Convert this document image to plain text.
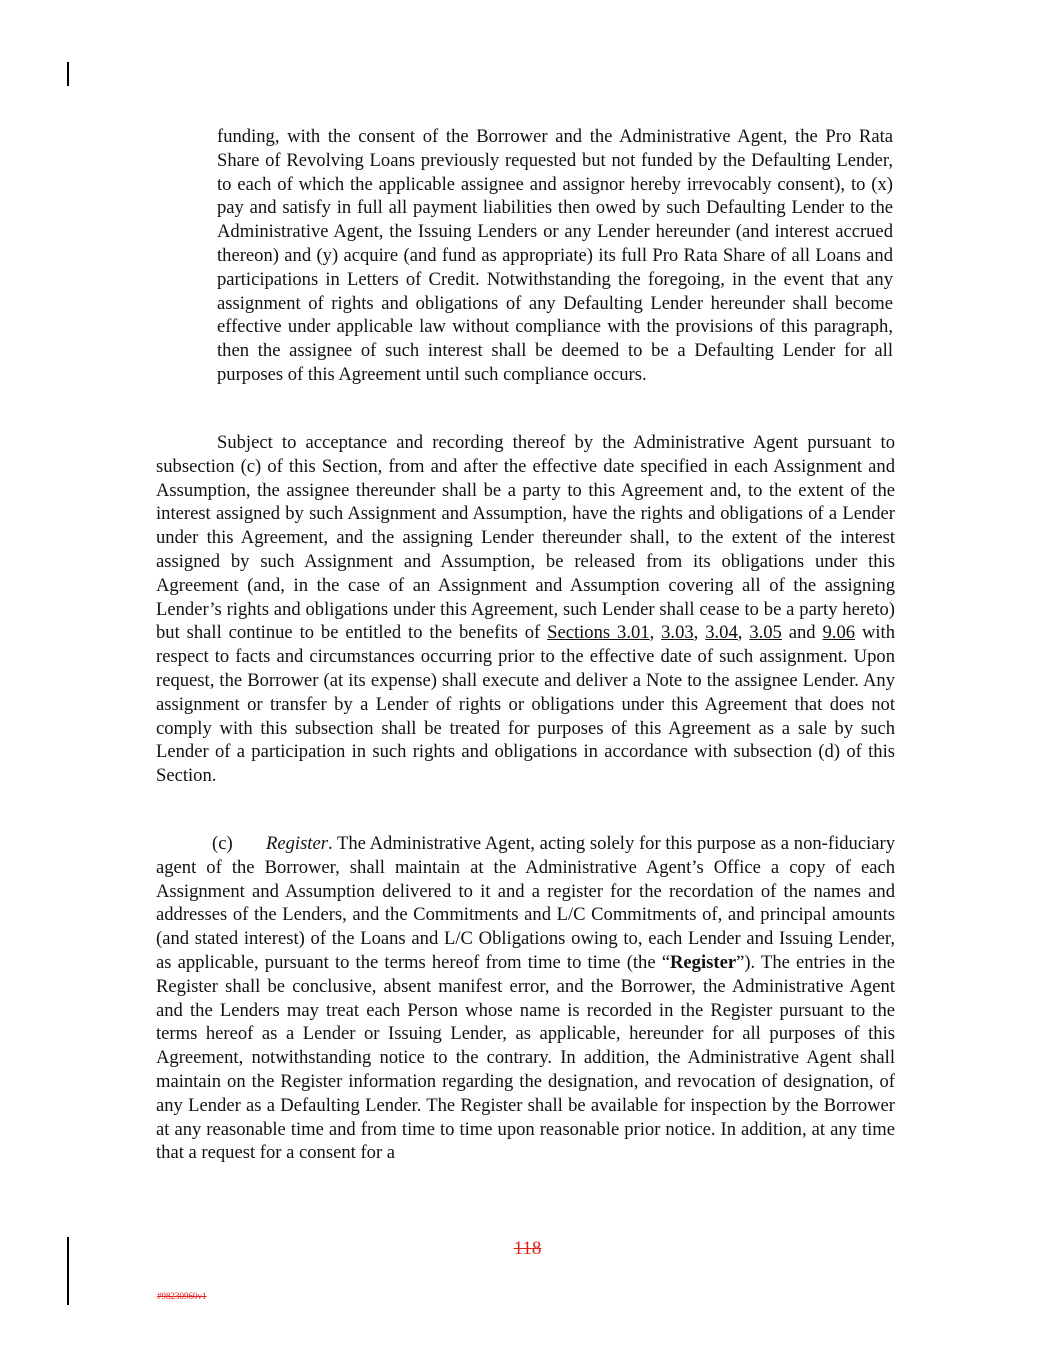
funding, with the consent of the Borrower and the Administrative Agent, the Pro Rata Share of Revolving Loans previously requested but not funded by the Defaulting Lender, to each of which the applicable assignee and assignor hereby irrevocably consent), to (x) pay and satisfy in full all payment liabilities then owed by such Defaulting Lender to the Administrative Agent, the Issuing Lenders or any Lender hereunder (and interest accrued thereon) and (y) acquire (and fund as appropriate) its full Pro Rata Share of all Loans and participations in Letters of Credit. Notwithstanding the foregoing, in the event that any assignment of rights and obligations of any Defaulting Lender hereunder shall become effective under applicable law without compliance with the provisions of this paragraph, then the assignee of such interest shall be deemed to be a Defaulting Lender for all purposes of this Agreement until such compliance occurs.

Subject to acceptance and recording thereof by the Administrative Agent pursuant to subsection (c) of this Section, from and after the effective date specified in each Assignment and Assumption, the assignee thereunder shall be a party to this Agreement and, to the extent of the interest assigned by such Assignment and Assumption, have the rights and obligations of a Lender under this Agreement, and the assigning Lender thereunder shall, to the extent of the interest assigned by such Assignment and Assumption, be released from its obligations under this Agreement (and, in the case of an Assignment and Assumption covering all of the assigning Lender’s rights and obligations under this Agreement, such Lender shall cease to be a party hereto) but shall continue to be entitled to the benefits of Sections 3.01, 3.03, 3.04, 3.05 and 9.06 with respect to facts and circumstances occurring prior to the effective date of such assignment. Upon request, the Borrower (at its expense) shall execute and deliver a Note to the assignee Lender. Any assignment or transfer by a Lender of rights or obligations under this Agreement that does not comply with this subsection shall be treated for purposes of this Agreement as a sale by such Lender of a participation in such rights and obligations in accordance with subsection (d) of this Section.

(c) Register. The Administrative Agent, acting solely for this purpose as a non-fiduciary agent of the Borrower, shall maintain at the Administrative Agent’s Office a copy of each Assignment and Assumption delivered to it and a register for the recordation of the names and addresses of the Lenders, and the Commitments and L/C Commitments of, and principal amounts (and stated interest) of the Loans and L/C Obligations owing to, each Lender and Issuing Lender, as applicable, pursuant to the terms hereof from time to time (the “Register”). The entries in the Register shall be conclusive, absent manifest error, and the Borrower, the Administrative Agent and the Lenders may treat each Person whose name is recorded in the Register pursuant to the terms hereof as a Lender or Issuing Lender, as applicable, hereunder for all purposes of this Agreement, notwithstanding notice to the contrary. In addition, the Administrative Agent shall maintain on the Register information regarding the designation, and revocation of designation, of any Lender as a Defaulting Lender. The Register shall be available for inspection by the Borrower at any reasonable time and from time to time upon reasonable prior notice. In addition, at any time that a request for a consent for a

118
#98230960v1
